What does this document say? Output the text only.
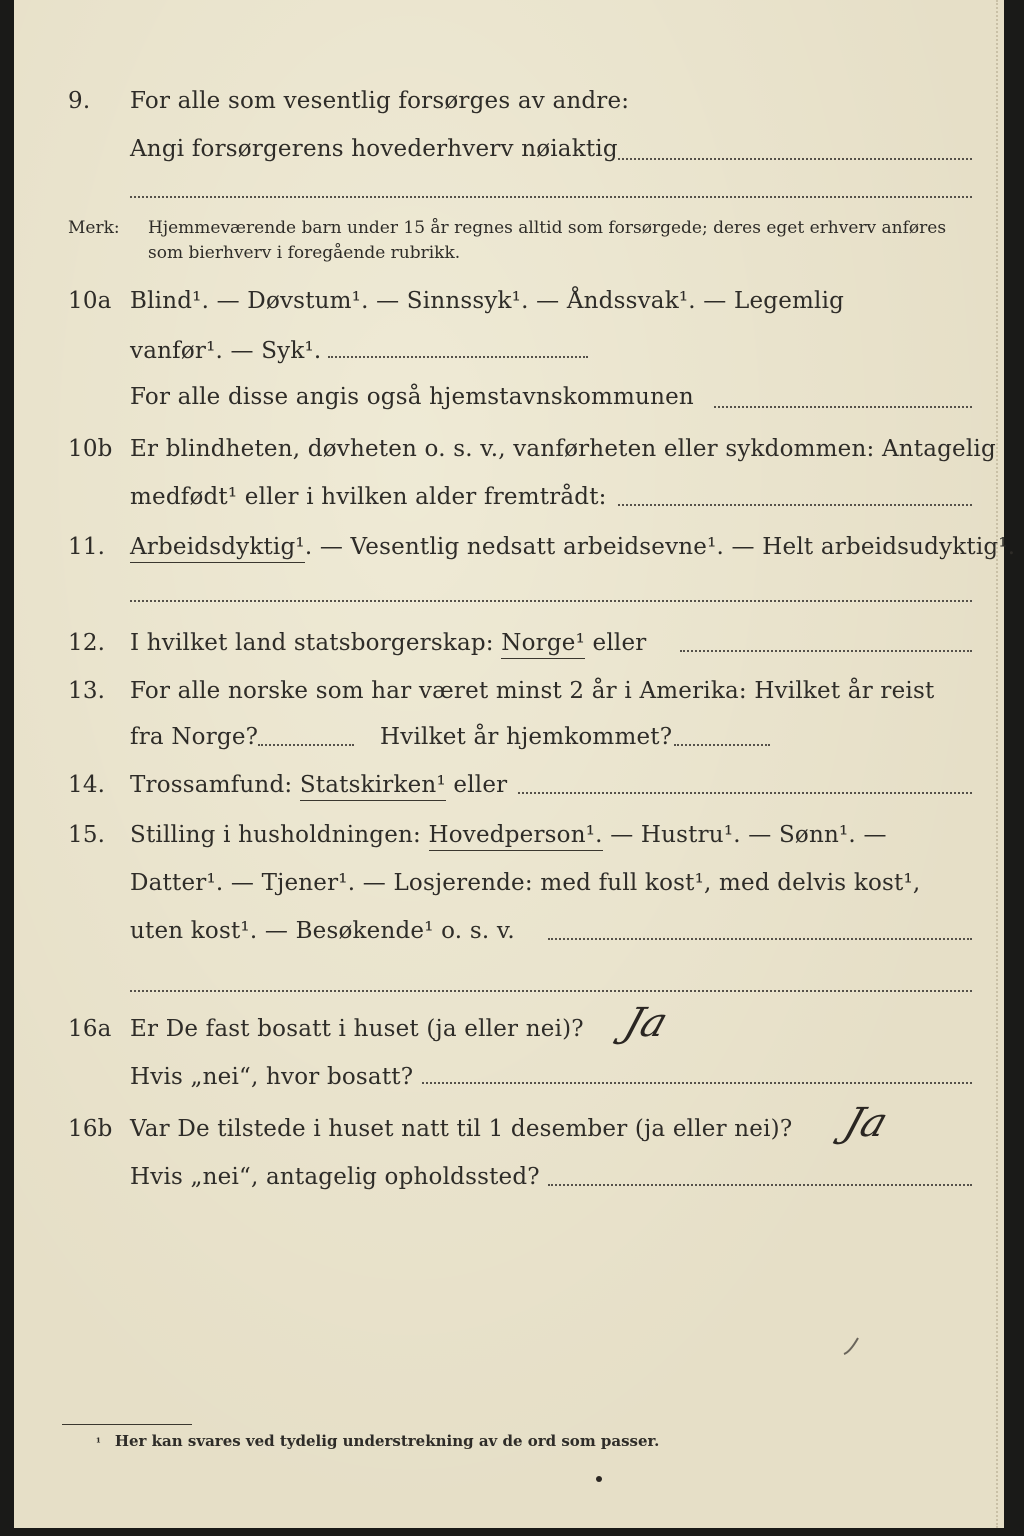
9. For alle som vesentlig forsørges av andre:
Angi forsørgerens hovederhverv nøiaktig
Merk: Hjemmeværende barn under 15 år regnes alltid som forsørgede; deres eget erhverv anføres som bierhverv i foregående rubrikk.
10a Blind¹. — Døvstum¹. — Sinnssyk¹. — Åndssvak¹. — Legemlig
vanfør¹. — Syk¹.
For alle disse angis også hjemstavnskommunen
10b Er blindheten, døvheten o. s. v., vanførheten eller sykdommen: Antagelig
medfødt¹ eller i hvilken alder fremtrådt:
11. Arbeidsdyktig¹. — Vesentlig nedsatt arbeidsevne¹. — Helt arbeidsudyktig¹.
12. I hvilket land statsborgerskap: Norge¹ eller
13. For alle norske som har været minst 2 år i Amerika: Hvilket år reist
fra Norge?	Hvilket år hjemkommet?
14. Trossamfund: Statskirken¹ eller
15. Stilling i husholdningen: Hovedperson¹. — Hustru¹. — Sønn¹. —
Datter¹. — Tjener¹. — Losjerende: med full kost¹, med delvis kost¹,
uten kost¹. — Besøkende¹ o. s. v.
16a Er De fast bosatt i huset (ja eller nei)? Ja
Hvis „nei“, hvor bosatt?
16b Var De tilstede i huset natt til 1 desember (ja eller nei)? Ja
Hvis „nei“, antagelig opholdssted?
¹ Her kan svares ved tydelig understrekning av de ord som passer.
